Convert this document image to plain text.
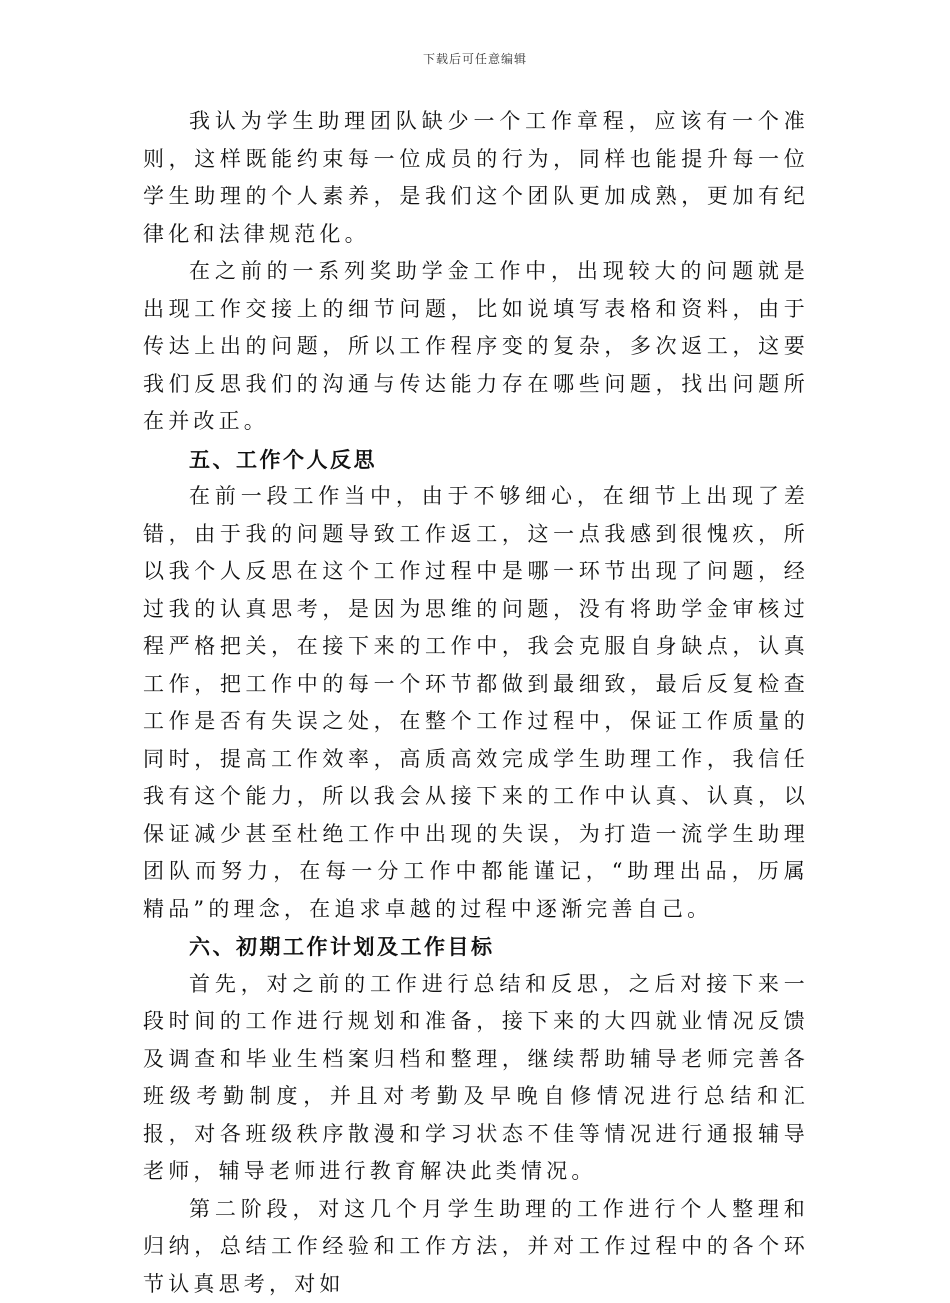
下载后可任意编辑

我认为学生助理团队缺少一个工作章程，应该有一个准则，这样既能约束每一位成员的行为，同样也能提升每一位学生助理的个人素养，是我们这个团队更加成熟，更加有纪律化和法律规范化。

在之前的一系列奖助学金工作中，出现较大的问题就是出现工作交接上的细节问题，比如说填写表格和资料，由于传达上出的问题，所以工作程序变的复杂，多次返工，这要我们反思我们的沟通与传达能力存在哪些问题，找出问题所在并改正。

五、工作个人反思

在前一段工作当中，由于不够细心，在细节上出现了差错，由于我的问题导致工作返工，这一点我感到很愧疚，所以我个人反思在这个工作过程中是哪一环节出现了问题，经过我的认真思考，是因为思维的问题，没有将助学金审核过程严格把关，在接下来的工作中，我会克服自身缺点，认真工作，把工作中的每一个环节都做到最细致，最后反复检查工作是否有失误之处，在整个工作过程中，保证工作质量的同时，提高工作效率，高质高效完成学生助理工作，我信任我有这个能力，所以我会从接下来的工作中认真、认真，以保证减少甚至杜绝工作中出现的失误，为打造一流学生助理团队而努力，在每一分工作中都能谨记，“助理出品，历属精品”的理念，在追求卓越的过程中逐渐完善自己。

六、初期工作计划及工作目标

首先，对之前的工作进行总结和反思，之后对接下来一段时间的工作进行规划和准备，接下来的大四就业情况反馈及调查和毕业生档案归档和整理，继续帮助辅导老师完善各班级考勤制度，并且对考勤及早晚自修情况进行总结和汇报，对各班级秩序散漫和学习状态不佳等情况进行通报辅导老师，辅导老师进行教育解决此类情况。

第二阶段，对这几个月学生助理的工作进行个人整理和归纳，总结工作经验和工作方法，并对工作过程中的各个环节认真思考，对如
